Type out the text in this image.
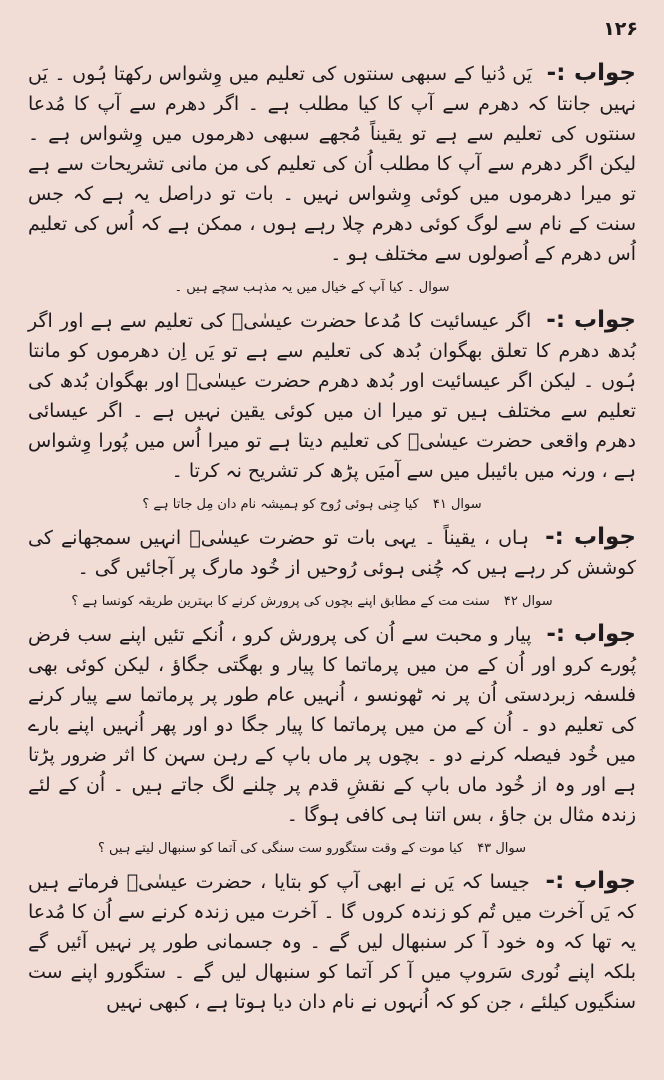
۱۲۶

جواب :- یَں دُنیا کے سبھی سنتوں کی تعلیم میں وِشواس رکھتا ہُوں ۔ یَں نہیں جانتا کہ دھرم سے آپ کا کیا مطلب ہے ۔ اگر دھرم سے آپ کا مُدعا سنتوں کی تعلیم سے ہے تو یقیناً مُجھے سبھی دھرموں میں وِشواس ہے ۔ لیکن اگر دھرم سے آپ کا مطلب اُن کی تعلیم کی من مانی تشریحات سے ہے تو میرا دھرموں میں کوئی وِشواس نہیں ۔ بات تو دراصل یہ ہے کہ جس سنت کے نام سے لوگ کوئی دھرم چلا رہے ہوں ، ممکن ہے کہ اُس کی تعلیم اُس دھرم کے اُصولوں سے مختلف ہو ۔

سوال ۔ کیا آپ کے خیال میں یہ مذہب سچے ہیں ۔

جواب :- اگر عیسائیت کا مُدعا حضرت عیسٰیؑ کی تعلیم سے ہے اور اگر بُدھ دھرم کا تعلق بھگوان بُدھ کی تعلیم سے ہے تو یَں اِن دھرموں کو مانتا ہُوں ۔ لیکن اگر عیسائیت اور بُدھ دھرم حضرت عیسٰیؑ اور بھگوان بُدھ کی تعلیم سے مختلف ہیں تو میرا ان میں کوئی یقین نہیں ہے ۔ اگر عیسائی دھرم واقعی حضرت عیسٰیؑ کی تعلیم دیتا ہے تو میرا اُس میں پُورا وِشواس ہے ، ورنہ میں بائیبل میں سے آمیَں پڑھ کر تشریح نہ کرتا ۔

سوال ۴۱ کیا جِنی ہوئی رُوح کو ہمیشہ نام دان مِل جاتا ہے ؟

جواب :- ہاں ، یقیناً ۔ یہی بات تو حضرت عیسٰیؑ انہیں سمجھانے کی کوشش کر رہے ہیں کہ چُنی ہوئی رُوحیں از خُود مارگ پر آجائیں گی ۔

سوال ۴۲ سنت مت کے مطابق اپنے بچوں کی پرورش کرنے کا بہترین طریقہ کونسا ہے ؟

جواب :- پیار و محبت سے اُن کی پرورش کرو ، اُنکے تئیں اپنے سب فرض پُورے کرو اور اُن کے من میں پرماتما کا پیار و بھگتی جگاؤ ، لیکن کوئی بھی فلسفہ زبردستی اُن پر نہ ٹھونسو ، اُنہیں عام طور پر پرماتما سے پیار کرنے کی تعلیم دو ۔ اُن کے من میں پرماتما کا پیار جگا دو اور پھر اُنہیں اپنے بارے میں خُود فیصلہ کرنے دو ۔ بچوں پر ماں باپ کے رہن سہن کا اثر ضرور پڑتا ہے اور وہ از خُود ماں باپ کے نقشِ قدم پر چلنے لگ جاتے ہیں ۔ اُن کے لئے زندہ مثال بن جاؤ ، بس اتنا ہی کافی ہوگا ۔

سوال ۴۳ کیا موت کے وقت ستگورو ست سنگی کی آتما کو سنبھال لیتے ہیں ؟

جواب :- جیسا کہ یَں نے ابھی آپ کو بتایا ، حضرت عیسٰیؑ فرماتے ہیں کہ یَں آخرت میں تُم کو زندہ کروں گا ۔ آخرت میں زندہ کرنے سے اُن کا مُدعا یہ تھا کہ وہ خود آ کر سنبھال لیں گے ۔ وہ جسمانی طور پر نہیں آئیں گے بلکہ اپنے نُوری سَروپ میں آ کر آتما کو سنبھال لیں گے ۔ ستگورو اپنے ست سنگیوں کیلئے ، جن کو کہ اُنہوں نے نام دان دیا ہوتا ہے ، کبھی نہیں
